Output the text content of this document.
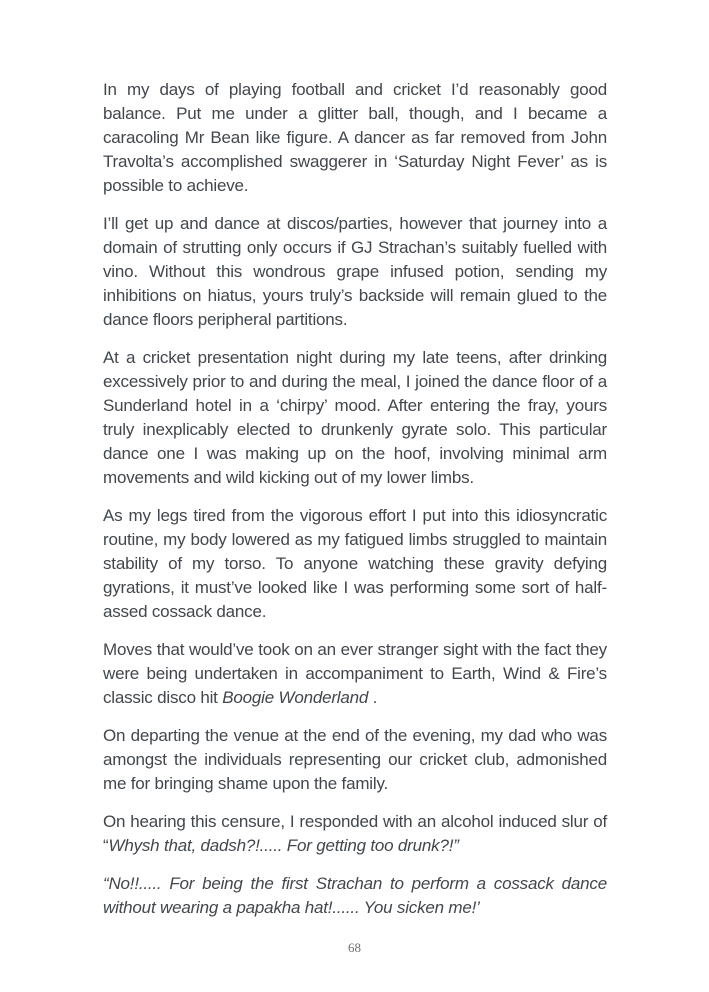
In my days of playing football and cricket I’d reasonably good balance. Put me under a glitter ball, though, and I became a caracoling Mr Bean like figure. A dancer as far removed from John Travolta’s accomplished swaggerer in ‘Saturday Night Fever’ as is possible to achieve.

I’ll get up and dance at discos/parties, however that journey into a domain of strutting only occurs if GJ Strachan’s suitably fuelled with vino. Without this wondrous grape infused potion, sending my inhibitions on hiatus, yours truly’s backside will remain glued to the dance floors peripheral partitions.

At a cricket presentation night during my late teens, after drinking excessively prior to and during the meal, I joined the dance floor of a Sunderland hotel in a ‘chirpy’ mood. After entering the fray, yours truly inexplicably elected to drunkenly gyrate solo. This particular dance one I was making up on the hoof, involving minimal arm movements and wild kicking out of my lower limbs.

As my legs tired from the vigorous effort I put into this idiosyncratic routine, my body lowered as my fatigued limbs struggled to maintain stability of my torso. To anyone watching these gravity defying gyrations, it must’ve looked like I was performing some sort of half-assed cossack dance.

Moves that would’ve took on an ever stranger sight with the fact they were being undertaken in accompaniment to Earth, Wind & Fire’s classic disco hit Boogie Wonderland .

On departing the venue at the end of the evening, my dad who was amongst the individuals representing our cricket club, admonished me for bringing shame upon the family.

On hearing this censure, I responded with an alcohol induced slur of “Whysh that, dadsh?!..... For getting too drunk?!”

“No!!..... For being the first Strachan to perform a cossack dance without wearing a papakha hat!...... You sicken me!’

68
